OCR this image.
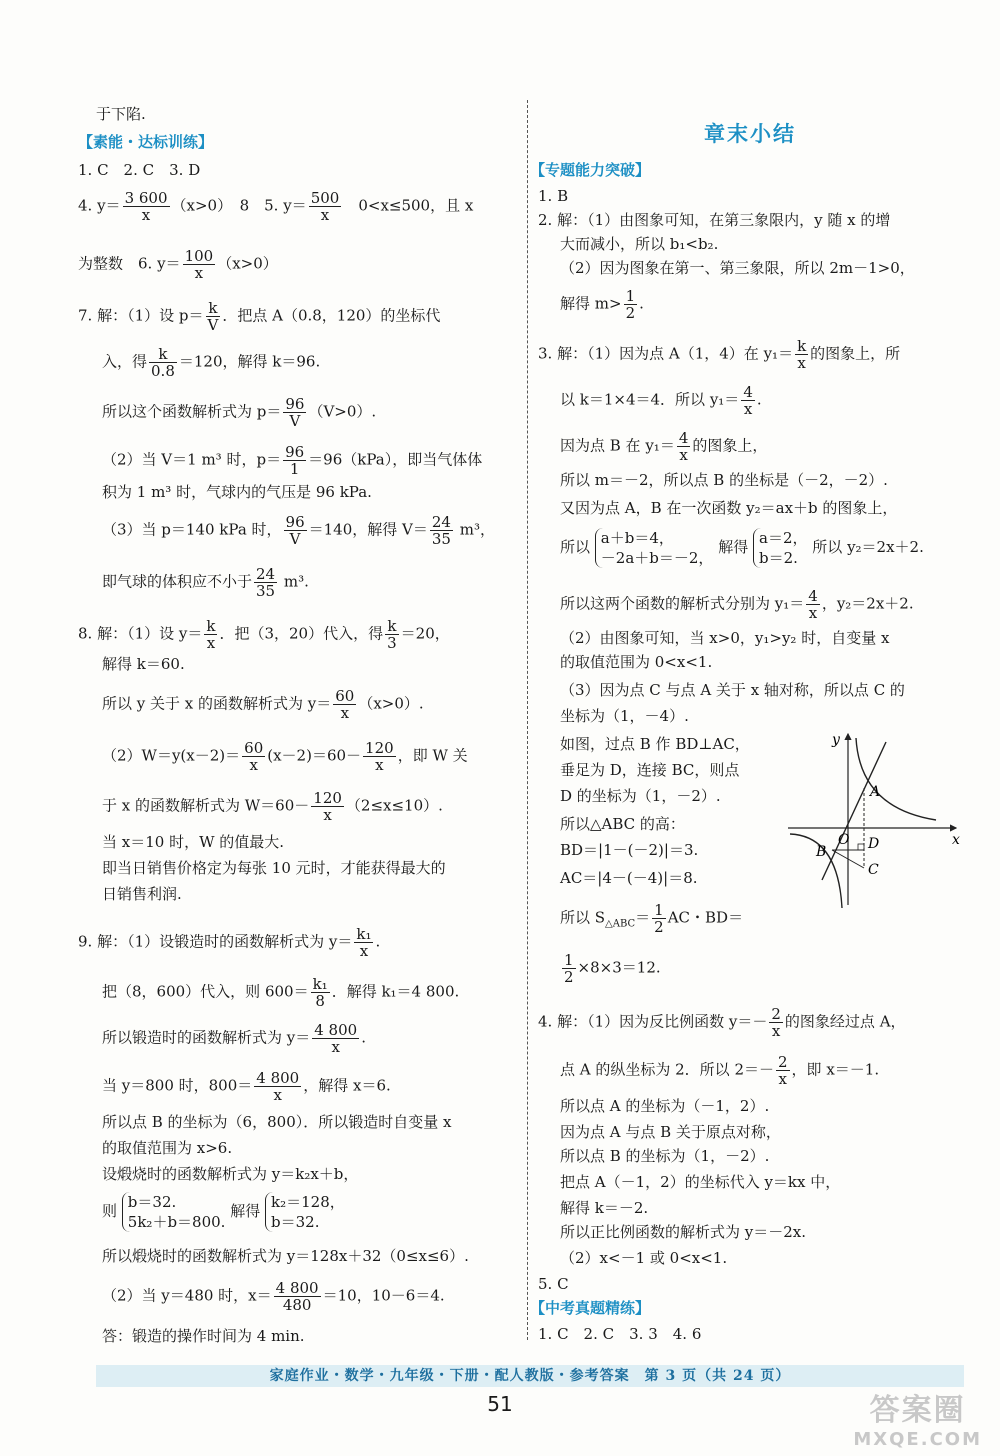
于下陷.
【素能・达标训练】
1. C　2. C　3. D
4. $y= \frac{3 600}{x} (x>0)$　8　5. $y= \frac{500}{x}$ 　0<x≤500，且 x
为整数　6. $y= \frac{100}{x} (x>0)$
7. 解：（1）设 $p= \frac{k}{V}$ ．把点 A（0.8，120）的坐标代
入，得 $\frac{k}{0.8} =120$，解得 k＝96.
所以这个函数解析式为 $p= \frac{96}{V} (V>0)$.
（2）当 V＝1 m³ 时，$p= \frac{96}{1} =96(kPa)$，即当气体体
积为 1 m³ 时，气球内的气压是 96 kPa.
（3）当 p＝140 kPa 时， $\frac{96}{V} =140$，解得 $V= \frac{24}{35} m^3$，
即气球的体积应不小于 $\frac{24}{35} m^3$.
8. 解：（1）设 $y= \frac{k}{x}$ ．把（3，20）代入，得 $\frac{k}{3} =20$，
解得 k＝60.
所以 y 关于 x 的函数解析式为 $y= \frac{60}{x} (x>0)$.
$(2)W=y(x-2)= \frac{60}{x} (x-2)=60- \frac{120}{x}$ ，即 W 关
于 x 的函数解析式为 $W=60- \frac{120}{x} (2\le x\le 10)$.
当 x＝10 时，W 的值最大.
即当日销售价格定为每张 10 元时，才能获得最大的
日销售利润.
9. 解：（1）设锻造时的函数解析式为 $y= \frac{\text{k₁}}{x}$ .
把（8，600）代入，则 $600= \frac{\text{k₁}}{8}$ ．解得 k₁＝4 800.
所以锻造时的函数解析式为 $y= \frac{4 800}{x}$ .
当 y＝800 时，$800= \frac{4 800}{x}$ ，解得 x＝6.
所以点 B 的坐标为（6，800）．所以锻造时自变量 x
的取值范围为 x>6.
设煅烧时的函数解析式为 y＝k₂x＋b，
则 b＝32.
5k₂＋b＝800.
解得 k₂＝128，
b＝32.
所以煅烧时的函数解析式为 y＝128x＋32（0≤x≤6）.
（2）当 y＝480 时，$x= \frac{4 800}{480} =10$，10－6＝4.
答：锻造的操作时间为 4 min.
章末小结
【专题能力突破】
1. B
2. 解：（1）由图象可知，在第三象限内，y 随 x 的增
大而减小，所以 b₁<b₂.
（2）因为图象在第一、第三象限，所以 2m－1>0，
解得 $m> \frac{1}{2}$ .
3. 解：（1）因为点 A（1，4）在 $y_1= \frac{k}{x}$ 的图象上，所
以 k＝1×4＝4．所以 $y_1= \frac{4}{x}$ .
因为点 B 在 $y_1= \frac{4}{x}$ 的图象上，
所以 m＝－2，所以点 B 的坐标是（－2，－2）.
又因为点 A，B 在一次函数 y₂＝ax＋b 的图象上，
所以 a＋b＝4，
－2a＋b＝－2，
解得 a＝2，
b＝2.
所以 y₂＝2x＋2.
所以这两个函数的解析式分别为 $y_1= \frac{4}{x}$ ，y₂＝2x＋2.
（2）由图象可知，当 x>0，y₁>y₂ 时，自变量 x
的取值范围为 0<x<1.
（3）因为点 C 与点 A 关于 x 轴对称，所以点 C 的
坐标为（1，－4）.
如图，过点 B 作 BD⊥AC，
垂足为 D，连接 BC，则点
D 的坐标为（1，－2）.
所以△ABC 的高：
BD＝|1－(－2)|＝3.
AC＝|4－(－4)|＝8.
所以 $S_{\triangle ABC}= \frac{1}{2}$ AC・BD＝
$\frac{1}{2} \times 8\times 3=12$.
4. 解：（1）因为反比例函数 $y=- \frac{2}{x}$ 的图象经过点 A，
点 A 的纵坐标为 2．所以 $2=- \frac{2}{x}$ ，即 x＝－1.
所以点 A 的坐标为（－1，2）.
因为点 A 与点 B 关于原点对称，
所以点 B 的坐标为（1，－2）.
把点 A（－1，2）的坐标代入 y＝kx 中，
解得 k＝－2.
所以正比例函数的解析式为 y＝－2x.
（2）x<－1 或 0<x<1.
5. C
【中考真题精练】
1. C　2. C　3. 3　4. 6
y
x
O
A
B
C
D
家庭作业・数学・九年级・下册・配人教版・参考答案　第 3 页（共 24 页）
51	答案圈
MXQE.COM
